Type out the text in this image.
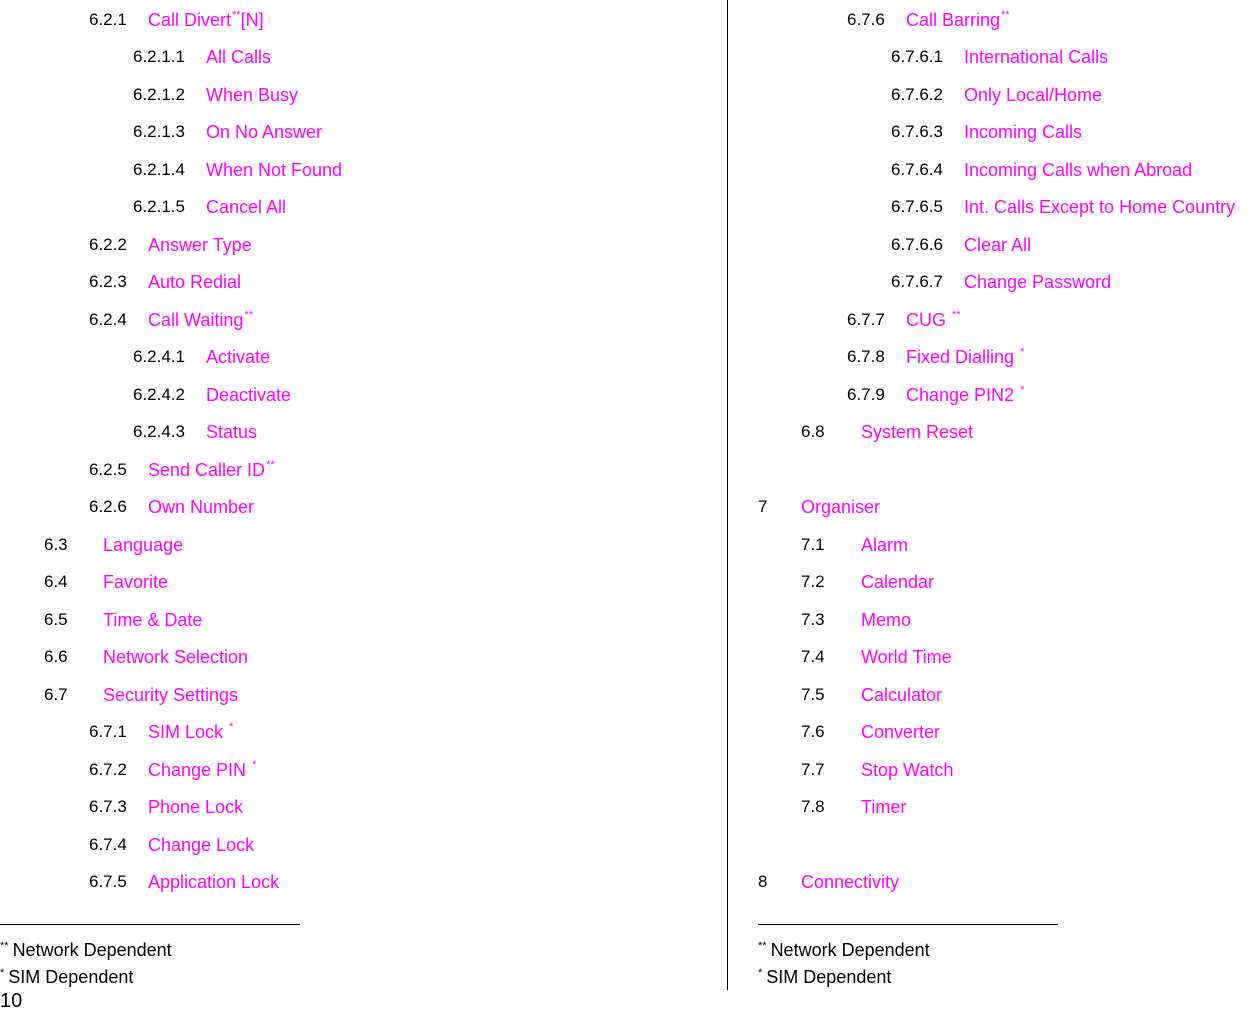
6.2.1 Call Divert**[N]
6.2.1.1 All Calls
6.2.1.2 When Busy
6.2.1.3 On No Answer
6.2.1.4 When Not Found
6.2.1.5 Cancel All
6.2.2 Answer Type
6.2.3 Auto Redial
6.2.4 Call Waiting**
6.2.4.1 Activate
6.2.4.2 Deactivate
6.2.4.3 Status
6.2.5 Send Caller ID**
6.2.6 Own Number
6.3 Language
6.4 Favorite
6.5 Time & Date
6.6 Network Selection
6.7 Security Settings
6.7.1 SIM Lock *
6.7.2 Change PIN *
6.7.3 Phone Lock
6.7.4 Change Lock
6.7.5 Application Lock
** Network Dependent
* SIM Dependent
10
6.7.6 Call Barring**
6.7.6.1 International Calls
6.7.6.2 Only Local/Home
6.7.6.3 Incoming Calls
6.7.6.4 Incoming Calls when Abroad
6.7.6.5 Int. Calls Except to Home Country
6.7.6.6 Clear All
6.7.6.7 Change Password
6.7.7 CUG **
6.7.8 Fixed Dialling *
6.7.9 Change PIN2 *
6.8 System Reset
7 Organiser
7.1 Alarm
7.2 Calendar
7.3 Memo
7.4 World Time
7.5 Calculator
7.6 Converter
7.7 Stop Watch
7.8 Timer
8 Connectivity
** Network Dependent
* SIM Dependent
